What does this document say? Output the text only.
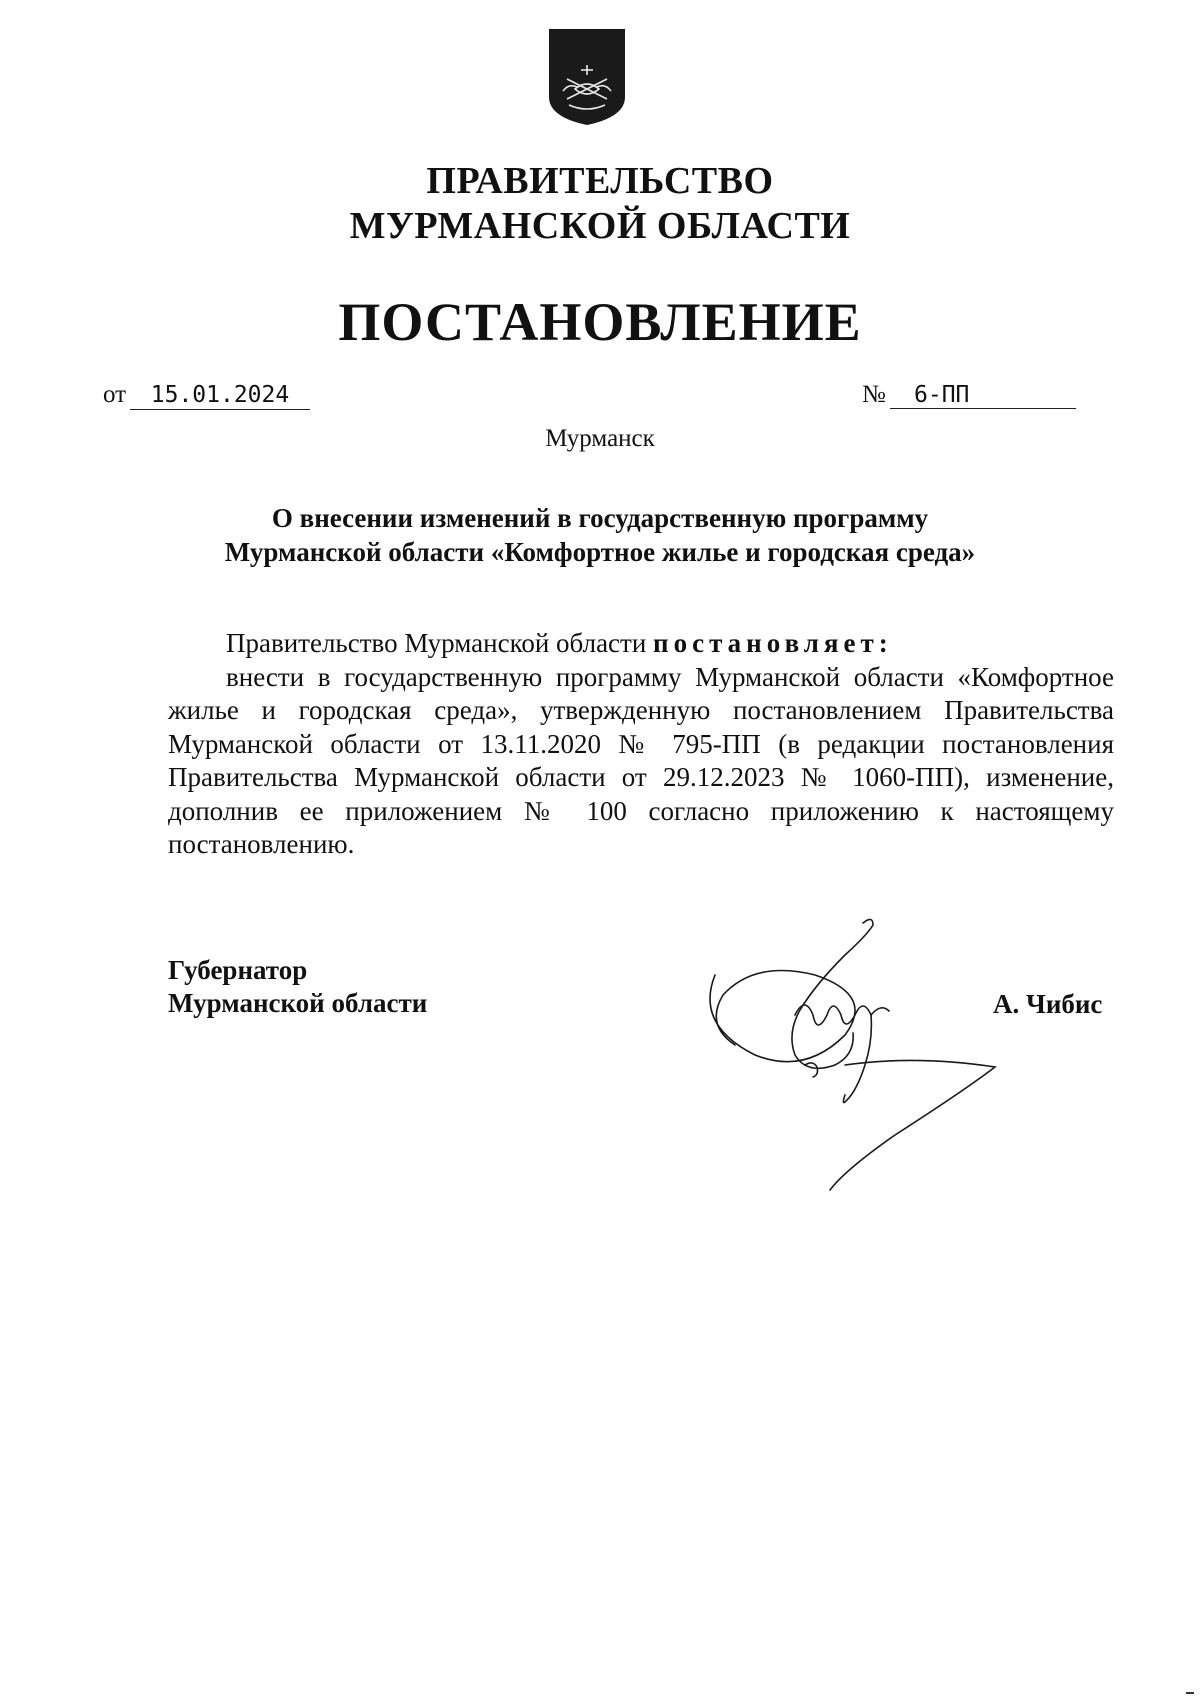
ПРАВИТЕЛЬСТВО
МУРМАНСКОЙ ОБЛАСТИ
ПОСТАНОВЛЕНИЕ
от	15.01.2024	№	6-ПП
Мурманск
О внесении изменений в государственную программу
Мурманской области «Комфортное жилье и городская среда»

Правительство Мурманской области постановляет:

внести в государственную программу Мурманской области «Комфортное жилье и городская среда», утвержденную постановлением Правительства Мурманской области от 13.11.2020 № 795-ПП (в редакции постановления Правительства Мурманской области от 29.12.2023 № 1060-ПП), изменение, дополнив ее приложением № 100 согласно приложению к настоящему постановлению.

Губернатор
Мурманской области	А. Чибис
